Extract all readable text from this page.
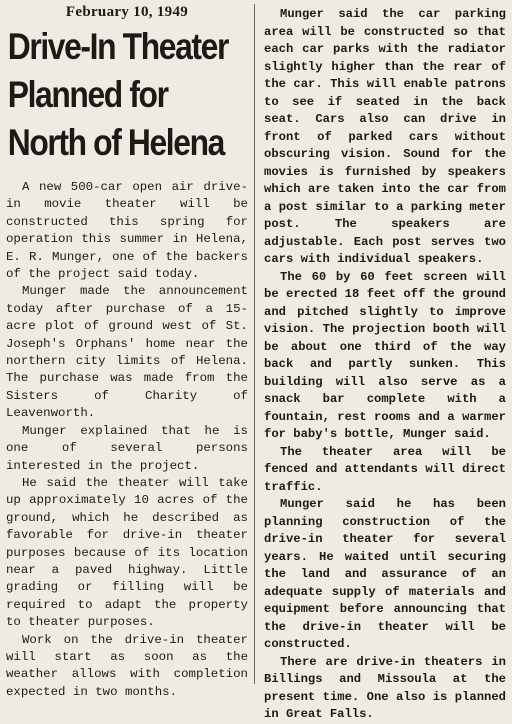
February 10, 1949
Drive-In Theater
Planned for
North of Helena

A new 500-car open air drive-in movie theater will be constructed this spring for operation this summer in Helena, E. R. Munger, one of the backers of the project said today.

Munger made the announcement today after purchase of a 15-acre plot of ground west of St. Joseph's Orphans' home near the northern city limits of Helena. The purchase was made from the Sisters of Charity of Leavenworth.

Munger explained that he is one of several persons interested in the project.

He said the theater will take up approximately 10 acres of the ground, which he described as favorable for drive-in theater purposes because of its location near a paved highway. Little grading or filling will be required to adapt the property to theater purposes.

Work on the drive-in theater will start as soon as the weather allows with completion expected in two months.

Munger said the car parking area will be constructed so that each car parks with the radiator slightly higher than the rear of the car. This will enable patrons to see if seated in the back seat. Cars also can drive in front of parked cars without obscuring vision. Sound for the movies is furnished by speakers which are taken into the car from a post similar to a parking meter post. The speakers are adjustable. Each post serves two cars with individual speakers.

The 60 by 60 feet screen will be erected 18 feet off the ground and pitched slightly to improve vision. The projection booth will be about one third of the way back and partly sunken. This building will also serve as a snack bar complete with a fountain, rest rooms and a warmer for baby's bottle, Munger said.

The theater area will be fenced and attendants will direct traffic.

Munger said he has been planning construction of the drive-in theater for several years. He waited until securing the land and assurance of an adequate supply of materials and equipment before announcing that the drive-in theater will be constructed.

There are drive-in theaters in Billings and Missoula at the present time. One also is planned in Great Falls.
